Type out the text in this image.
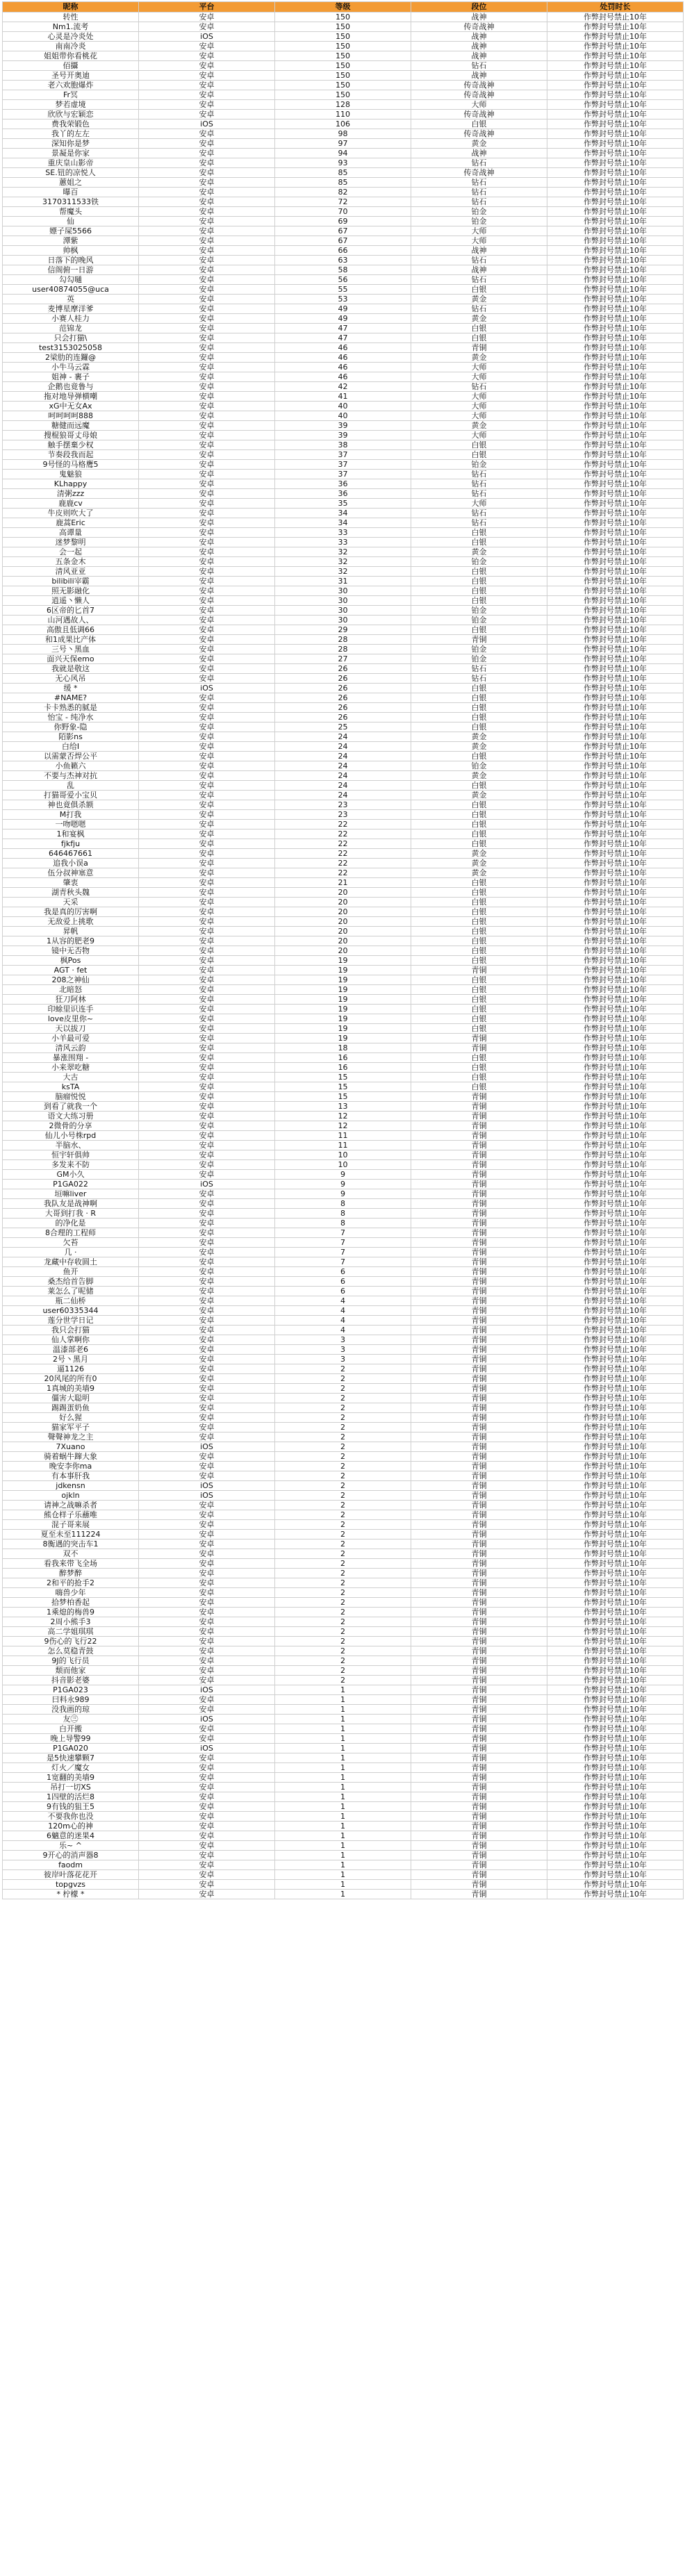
昵称	平台	等级	段位	处罚时长
转性	安卓	150	战神	作弊封号禁止10年
Nm1.流考	安卓	150	传奇战神	作弊封号禁止10年
心灵是冷炎处	iOS	150	战神	作弊封号禁止10年
南南冷炎	安卓	150	战神	作弊封号禁止10年
姐姐带你看桃花	安卓	150	战神	作弊封号禁止10年
佰攝	安卓	150	钻石	作弊封号禁止10年
圣号开奥迪	安卓	150	战神	作弊封号禁止10年
老六欢胞爆炸	安卓	150	传奇战神	作弊封号禁止10年
Fr冥	安卓	150	传奇战神	作弊封号禁止10年
梦若虚境	安卓	128	大师	作弊封号禁止10年
欣欣与宏颖恋	安卓	110	传奇战神	作弊封号禁止10年
费我荣锻色	iOS	106	白银	作弊封号禁止10年
我丫的左左	安卓	98	传奇战神	作弊封号禁止10年
深知你是梦	安卓	97	黄金	作弊封号禁止10年
景凝是你家	安卓	94	战神	作弊封号禁止10年
重庆皇山影帝	安卓	93	钻石	作弊封号禁止10年
SE.钮的凉悦人	安卓	85	传奇战神	作弊封号禁止10年
蕙姐之	安卓	85	钻石	作弊封号禁止10年
曝百	安卓	82	钻石	作弊封号禁止10年
3170311533铁	安卓	72	钻石	作弊封号禁止10年
帮魔头	安卓	70	铂金	作弊封号禁止10年
仙	安卓	69	铂金	作弊封号禁止10年
嫖子屎5566	安卓	67	大师	作弊封号禁止10年
潭紫	安卓	67	大师	作弊封号禁止10年
帅枫	安卓	66	战神	作弊封号禁止10年
日落下的晚风	安卓	63	钻石	作弊封号禁止10年
信阁俯一日游	安卓	58	战神	作弊封号禁止10年
勾勾嗵	安卓	56	钻石	作弊封号禁止10年
user40874055@uca	安卓	55	白银	作弊封号禁止10年
英	安卓	53	黄金	作弊封号禁止10年
麦博星摩洋爹	安卓	49	钻石	作弊封号禁止10年
小赛人桂力	安卓	49	黄金	作弊封号禁止10年
范锦龙	安卓	47	白银	作弊封号禁止10年
只会打猫\	安卓	47	白银	作弊封号禁止10年
test3153025058	安卓	46	青铜	作弊封号禁止10年
2梁肋的连鑼@	安卓	46	黄金	作弊封号禁止10年
小牛马云霖	安卓	46	大师	作弊封号禁止10年
姐神 - 裹子	安卓	46	大师	作弊封号禁止10年
企鹅也竟鲁与	安卓	42	钻石	作弊封号禁止10年
拖对地导弹横嘲	安卓	41	大师	作弊封号禁止10年
xG中无女Ax	安卓	40	大师	作弊封号禁止10年
呵呵呵呵888	安卓	40	大师	作弊封号禁止10年
糖健而远魔	安卓	39	黄金	作弊封号禁止10年
搜棍狼哥丈母娘	安卓	39	大师	作弊封号禁止10年
触手摆棄少权	安卓	38	白银	作弊封号禁止10年
节奏段我而起	安卓	37	白银	作弊封号禁止10年
9号怪的马格鹰5	安卓	37	铂金	作弊封号禁止10年
鬼魅狼	安卓	37	钻石	作弊封号禁止10年
KLhappy	安卓	36	钻石	作弊封号禁止10年
清粥zzz	安卓	36	钻石	作弊封号禁止10年
鹿鹿cv	安卓	35	大师	作弊封号禁止10年
牛皮则吹大了	安卓	34	钻石	作弊封号禁止10年
鹿蒿Eric	安卓	34	钻石	作弊封号禁止10年
高谭量	安卓	33	白银	作弊封号禁止10年
迷梦黎明	安卓	33	白银	作弊封号禁止10年
会一起	安卓	32	黄金	作弊封号禁止10年
五条金木	安卓	32	铂金	作弊封号禁止10年
清风亚亚	安卓	32	白银	作弊封号禁止10年
bilibili宰霸	安卓	31	白银	作弊封号禁止10年
照无影融化	安卓	30	白银	作弊封号禁止10年
逍遥丶懒人	安卓	30	白银	作弊封号禁止10年
6区帝的匕首7	安卓	30	铂金	作弊封号禁止10年
山河遇故人、	安卓	30	铂金	作弊封号禁止10年
高傲且低调66	安卓	29	白银	作弊封号禁止10年
和1成果比产体	安卓	28	青铜	作弊封号禁止10年
三号丶黑血	安卓	28	铂金	作弊封号禁止10年
面兴天保emo	安卓	27	铂金	作弊封号禁止10年
我就是敬这	安卓	26	钻石	作弊封号禁止10年
无心风吊	安卓	26	钻石	作弊封号禁止10年
缓 *	iOS	26	白银	作弊封号禁止10年
#NAME?	安卓	26	白银	作弊封号禁止10年
卡卡熟悉的腻是	安卓	26	白银	作弊封号禁止10年
怡宝 - 纯净水	安卓	26	白银	作弊封号禁止10年
你野象-隐	安卓	25	白银	作弊封号禁止10年
陌影ns	安卓	24	黄金	作弊封号禁止10年
白给I	安卓	24	黄金	作弊封号禁止10年
以需蒙否焊公平	安卓	24	白银	作弊封号禁止10年
小鱼籁六	安卓	24	铂金	作弊封号禁止10年
不要与杰神对抗	安卓	24	黄金	作弊封号禁止10年
乱	安卓	24	白银	作弊封号禁止10年
打猫哥爱小宝贝	安卓	24	黄金	作弊封号禁止10年
神也竟俱杀额	安卓	23	白银	作弊封号禁止10年
M打我	安卓	23	白银	作弊封号禁止10年
一吻嗯嗯	安卓	22	白银	作弊封号禁止10年
1和宴枫	安卓	22	白银	作弊封号禁止10年
fjkfju	安卓	22	白银	作弊封号禁止10年
646467661	安卓	22	黄金	作弊封号禁止10年
追我小误a	安卓	22	黄金	作弊封号禁止10年
伍分叔神塞意	安卓	22	黄金	作弊封号禁止10年
肇衷	安卓	21	白银	作弊封号禁止10年
湖青秋头魏	安卓	20	白银	作弊封号禁止10年
天采	安卓	20	白银	作弊封号禁止10年
我是真的厉害啊	安卓	20	白银	作弊封号禁止10年
无敌爱上挑歌	安卓	20	白银	作弊封号禁止10年
昇帆	安卓	20	白银	作弊封号禁止10年
1从容的肥老9	安卓	20	白银	作弊封号禁止10年
镜中无否物	安卓	20	白银	作弊封号禁止10年
枫Pos	安卓	19	白银	作弊封号禁止10年
AGT · fet	安卓	19	青铜	作弊封号禁止10年
208之神仙	安卓	19	白银	作弊封号禁止10年
北暗怒	安卓	19	白银	作弊封号禁止10年
狂刀阿林	安卓	19	白银	作弊封号禁止10年
印蜍里识连手	安卓	19	白银	作弊封号禁止10年
love皮里你~	安卓	19	白银	作弊封号禁止10年
天以拔刀	安卓	19	白银	作弊封号禁止10年
小羊最可爱	安卓	19	青铜	作弊封号禁止10年
清风云韵	安卓	18	青铜	作弊封号禁止10年
暴涨围翔 -	安卓	16	白银	作弊封号禁止10年
小来翠吃糖	安卓	16	白银	作弊封号禁止10年
大古	安卓	15	白银	作弊封号禁止10年
ksTA	安卓	15	白银	作弊封号禁止10年
脑瘤悦悦	安卓	15	青铜	作弊封号禁止10年
到看了就我一个	安卓	13	青铜	作弊封号禁止10年
语文大练习册	安卓	12	青铜	作弊封号禁止10年
2微骨的分享	安卓	12	青铜	作弊封号禁止10年
仙儿小号株rpd	安卓	11	青铜	作弊封号禁止10年
半脑水、	安卓	11	青铜	作弊封号禁止10年
恒宇轩俱帅	安卓	10	青铜	作弊封号禁止10年
多发来不防	安卓	10	青铜	作弊封号禁止10年
GM小久	安卓	9	青铜	作弊封号禁止10年
P1GA022	iOS	9	青铜	作弊封号禁止10年
垣嘛liver	安卓	9	青铜	作弊封号禁止10年
我队友是战神啊	安卓	8	青铜	作弊封号禁止10年
大哥到打我 · R	安卓	8	青铜	作弊封号禁止10年
的净化是	安卓	8	青铜	作弊封号禁止10年
8合理的工程师	安卓	7	青铜	作弊封号禁止10年
欠苔	安卓	7	青铜	作弊封号禁止10年
几 ·	安卓	7	青铜	作弊封号禁止10年
龙藏中存收圆土	安卓	7	青铜	作弊封号禁止10年
鱼开	安卓	6	青铜	作弊封号禁止10年
桑杰给首告脚	安卓	6	青铜	作弊封号禁止10年
莱怎么了呢储	安卓	6	青铜	作弊封号禁止10年
瓶二仙桥	安卓	4	青铜	作弊封号禁止10年
user60335344	安卓	4	青铜	作弊封号禁止10年
莲分世学日记	安卓	4	青铜	作弊封号禁止10年
我只会打猫	安卓	4	青铜	作弊封号禁止10年
仙人掌啊你	安卓	3	青铜	作弊封号禁止10年
温漆部老6	安卓	3	青铜	作弊封号禁止10年
2号丶黑月	安卓	3	青铜	作弊封号禁止10年
逼1126	安卓	2	青铜	作弊封号禁止10年
20风尾的所有0	安卓	2	青铜	作弊封号禁止10年
1真城的美墙9	安卓	2	青铜	作弊封号禁止10年
僵害大聪明	安卓	2	青铜	作弊封号禁止10年
踢踢蛋奶鱼	安卓	2	青铜	作弊封号禁止10年
好么猩	安卓	2	青铜	作弊封号禁止10年
猫家军平子	安卓	2	青铜	作弊封号禁止10年
聲聲神龙之主	安卓	2	青铜	作弊封号禁止10年
7Xuano	iOS	2	青铜	作弊封号禁止10年
骑着蜗牛蹿大象	安卓	2	青铜	作弊封号禁止10年
晚安李你ma	安卓	2	青铜	作弊封号禁止10年
有本事肝我	安卓	2	青铜	作弊封号禁止10年
jdkensn	iOS	2	青铜	作弊封号禁止10年
ojkln	iOS	2	青铜	作弊封号禁止10年
请神之战嘛杀者	安卓	2	青铜	作弊封号禁止10年
熊仓样子乐蘸唯	安卓	2	青铜	作弊封号禁止10年
混子哥来展	安卓	2	青铜	作弊封号禁止10年
夏至未至111224	安卓	2	青铜	作弊封号禁止10年
8衡遇的突击车1	安卓	2	青铜	作弊封号禁止10年
双不	安卓	2	青铜	作弊封号禁止10年
看我来带飞全场	安卓	2	青铜	作弊封号禁止10年
醉梦醉	安卓	2	青铜	作弊封号禁止10年
2和平的抢手2	安卓	2	青铜	作弊封号禁止10年
嗨兽少年	安卓	2	青铜	作弊封号禁止10年
拾梦柏香起	安卓	2	青铜	作弊封号禁止10年
1乘熄的梅兽9	安卓	2	青铜	作弊封号禁止10年
2周小熊手3	安卓	2	青铜	作弊封号禁止10年
高二学姐琪琪	安卓	2	青铜	作弊封号禁止10年
9伤心的飞行22	安卓	2	青铜	作弊封号禁止10年
怎么莫稳青鼓	安卓	2	青铜	作弊封号禁止10年
9J的飞行员	安卓	2	青铜	作弊封号禁止10年
颓而他家	安卓	2	青铜	作弊封号禁止10年
抖音影老婆	安卓	2	青铜	作弊封号禁止10年
P1GA023	iOS	1	青铜	作弊封号禁止10年
曰料永989	安卓	1	青铜	作弊封号禁止10年
没我画的琼	安卓	1	青铜	作弊封号禁止10年
友㊂	iOS	1	青铜	作弊封号禁止10年
白开搬	安卓	1	青铜	作弊封号禁止10年
晚上导警99	安卓	1	青铜	作弊封号禁止10年
P1GA020	iOS	1	青铜	作弊封号禁止10年
是5快速攀颗7	安卓	1	青铜	作弊封号禁止10年
灯火／魔女	安卓	1	青铜	作弊封号禁止10年
1宽翻的美墙9	安卓	1	青铜	作弊封号禁止10年
吊打一切XS	安卓	1	青铜	作弊封号禁止10年
1四壁的活烂8	安卓	1	青铜	作弊封号禁止10年
9有钱的狙王5	安卓	1	青铜	作弊封号禁止10年
不要我你也没	安卓	1	青铜	作弊封号禁止10年
120m心的神	安卓	1	青铜	作弊封号禁止10年
6魑意的迷果4	安卓	1	青铜	作弊封号禁止10年
乐~ ^	安卓	1	青铜	作弊封号禁止10年
9开心的消声器8	安卓	1	青铜	作弊封号禁止10年
faodm	安卓	1	青铜	作弊封号禁止10年
彼岸叶落花花开	安卓	1	青铜	作弊封号禁止10年
topgvzs	安卓	1	青铜	作弊封号禁止10年
* 柠檬 *	安卓	1	青铜	作弊封号禁止10年
